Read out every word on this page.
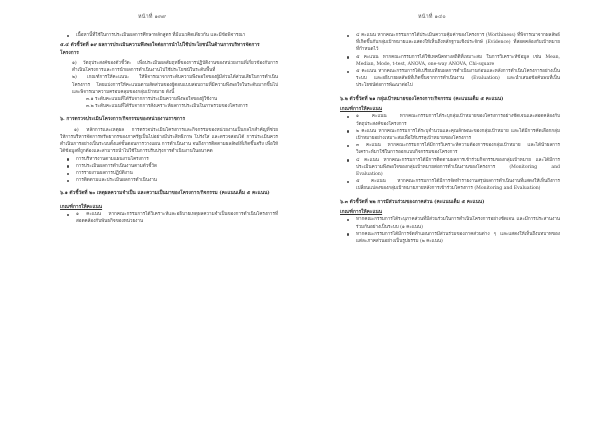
หน้าที่ ๑๓๙
เนื้อหานี้ที่ใช้ในการประเมินผลการศึกษาหลักสูตร ที่มีแนวคิดเดียวกัน และมีข้อพิจารณา

๕.๔ ตัวชี้วัดที่ ๑๙ ผลการประเมินความพึงพอใจต่อการนำไปใช้ประโยชน์ในด้านการบริหารจัดการโครงการ

๑) วัตถุประสงค์ของตัวชี้วัด: เพื่อประเมินผลสัมฤทธิ์ของการปฏิบัติงานของหน่วยงานที่เกี่ยวข้องกับการดำเนินโครงการและการนำผลการดำเนินงานไปใช้ประโยชน์ในระดับพื้นที่

๒) เกณฑ์การให้คะแนน: ให้พิจารณาจากระดับความพึงพอใจของผู้มีส่วนได้ส่วนเสียในการดำเนินโครงการ โดยแบ่งการให้คะแนนตามสัดส่วนของผู้ตอบแบบสอบถามที่มีความพึงพอใจในระดับมากขึ้นไป และพิจารณาความครอบคลุมของกลุ่มเป้าหมาย ดังนี้

๓.๑ ระดับคะแนนที่ได้รับจากการประเมินความพึงพอใจของผู้ใช้งาน

๓.๒ ระดับคะแนนที่ได้รับจากการสังเคราะห์ผลการประเมินในภาพรวมของโครงการ

๖. การตรวจประเมินโครงการ/กิจกรรมของหน่วยงานราชการ

๑) หลักการและเหตุผล การตรวจประเมินโครงการและกิจกรรมของหน่วยงานเป็นกลไกสำคัญที่ช่วยให้การบริหารจัดการทรัพยากรของภาครัฐเป็นไปอย่างมีประสิทธิภาพ โปร่งใส และตรวจสอบได้ การประเมินควรดำเนินการอย่างเป็นระบบตั้งแต่ขั้นตอนการวางแผน การดำเนินงาน จนถึงการติดตามผลลัพธ์ที่เกิดขึ้นจริง เพื่อให้ได้ข้อมูลที่ถูกต้องและสามารถนำไปใช้ในการปรับปรุงการดำเนินงานในอนาคต

การบริหารงานตามแผนงานโครงการ
การประเมินผลการดำเนินงานตามตัวชี้วัด
การรายงานผลการปฏิบัติงาน
การติดตามและประเมินผลการดำเนินงาน

๖.๑ ตัวชี้วัดที่ ๒๐ เหตุผลความจำเป็น และความเป็นมาของโครงการ/กิจกรรม (คะแนนเต็ม ๕ คะแนน)

เกณฑ์การให้คะแนน

๑ คะแนน หากคณะกรรมการได้วิเคราะห์และอธิบายเหตุผลความจำเป็นของการดำเนินโครงการที่สอดคล้องกับพันธกิจของหน่วยงาน
หน้าที่ ๑๔๐
๔ คะแนน หากคณะกรรมการได้ประเมินความคุ้มค่าของโครงการ (Worthiness) ที่พิจารณาจากผลลัพธ์ที่เกิดขึ้นกับกลุ่มเป้าหมายและแสดงให้เห็นถึงหลักฐานเชิงประจักษ์ (Evidence) ที่สอดคล้องกับเป้าหมายที่กำหนดไว้
๕ คะแนน หากคณะกรรมการได้ใช้เทคนิคทางสถิติที่เหมาะสม ในการวิเคราะห์ข้อมูล เช่น Mean, Median, Mode, t-test, ANOVA, one-way ANOVA, Chi-square
๕ คะแนน หากคณะกรรมการได้เปรียบเทียบผลการดำเนินงานก่อนและหลังการดำเนินโครงการอย่างเป็นระบบ และอธิบายผลลัพธ์ที่เกิดขึ้นจากการดำเนินงาน (Evaluation) และนำเสนอข้อค้นพบที่เป็นประโยชน์ต่อการพัฒนาต่อไป

๖.๒ ตัวชี้วัดที่ ๒๑ กลุ่มเป้าหมายของโครงการ/กิจกรรม (คะแนนเต็ม ๕ คะแนน)

เกณฑ์การให้คะแนน

๑ คะแนน หากคณะกรรมการได้ระบุกลุ่มเป้าหมายของโครงการอย่างชัดเจนและสอดคล้องกับวัตถุประสงค์ของโครงการ
๒ คะแนน หากคณะกรรมการได้ระบุจำนวนและคุณลักษณะของกลุ่มเป้าหมาย และได้มีการคัดเลือกกลุ่มเป้าหมายอย่างเหมาะสมเพื่อให้บรรลุเป้าหมายของโครงการ
๓ คะแนน หากคณะกรรมการได้มีการวิเคราะห์ความต้องการของกลุ่มเป้าหมาย และได้นำผลการวิเคราะห์มาใช้ในการออกแบบกิจกรรมของโครงการ
๔ คะแนน หากคณะกรรมการได้มีการติดตามผลการเข้าร่วมกิจกรรมของกลุ่มเป้าหมาย และได้มีการประเมินความพึงพอใจของกลุ่มเป้าหมายต่อการดำเนินงานของโครงการ (Monitoring and Evaluation)
๕ คะแนน หากคณะกรรมการได้มีการจัดทำรายงานสรุปผลการดำเนินงานที่แสดงให้เห็นถึงการเปลี่ยนแปลงของกลุ่มเป้าหมายภายหลังการเข้าร่วมโครงการ (Monitoring and Evaluation)

๖.๓ ตัวชี้วัดที่ ๒๒ การมีส่วนร่วมของภาคส่วน (คะแนนเต็ม ๕ คะแนน)

เกณฑ์การให้คะแนน

หากคณะกรรมการได้ระบุภาคส่วนที่มีส่วนร่วมในการดำเนินโครงการอย่างชัดเจน และมีการประสานงานร่วมกันอย่างเป็นระบบ (๑ คะแนน)
หากคณะกรรมการได้มีการจัดทำแผนการมีส่วนร่วมของภาคส่วนต่าง ๆ และแสดงให้เห็นถึงบทบาทของแต่ละภาคส่วนอย่างเป็นรูปธรรม (๒ คะแนน)
